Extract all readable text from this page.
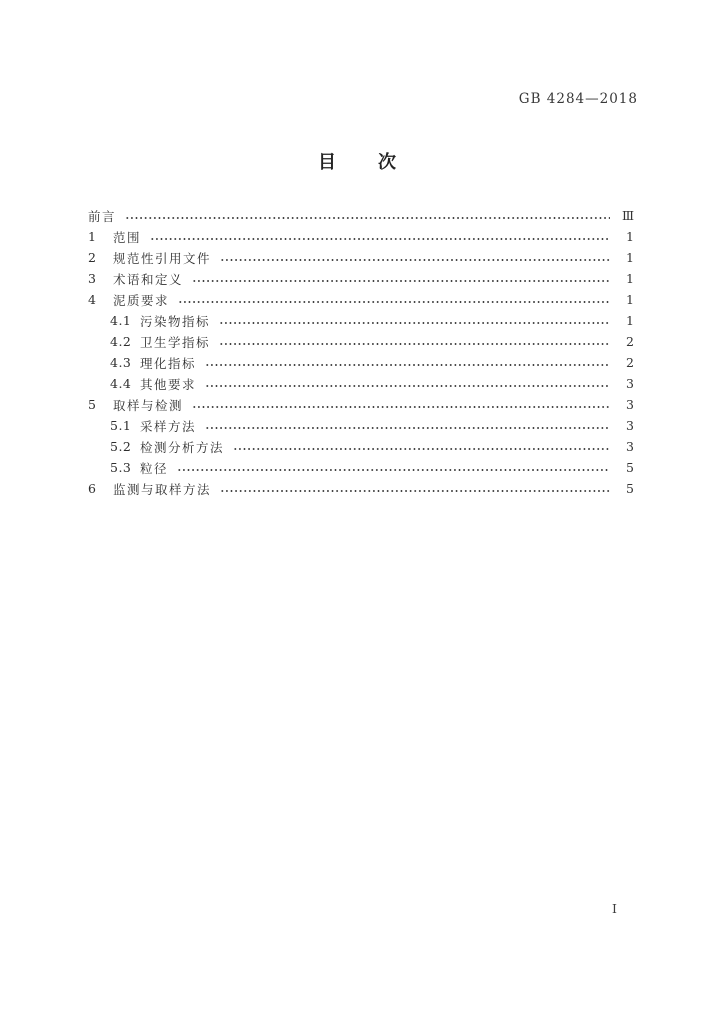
GB 4284—2018
目　次
前言	Ⅲ
1	范围	1
2	规范性引用文件	1
3	术语和定义	1
4	泥质要求	1
4.1 污染物指标	1
4.2 卫生学指标	2
4.3 理化指标	2
4.4 其他要求	3
5	取样与检测	3
5.1 采样方法	3
5.2 检测分析方法	3
5.3 粒径	5
6	监测与取样方法	5
Ⅰ
